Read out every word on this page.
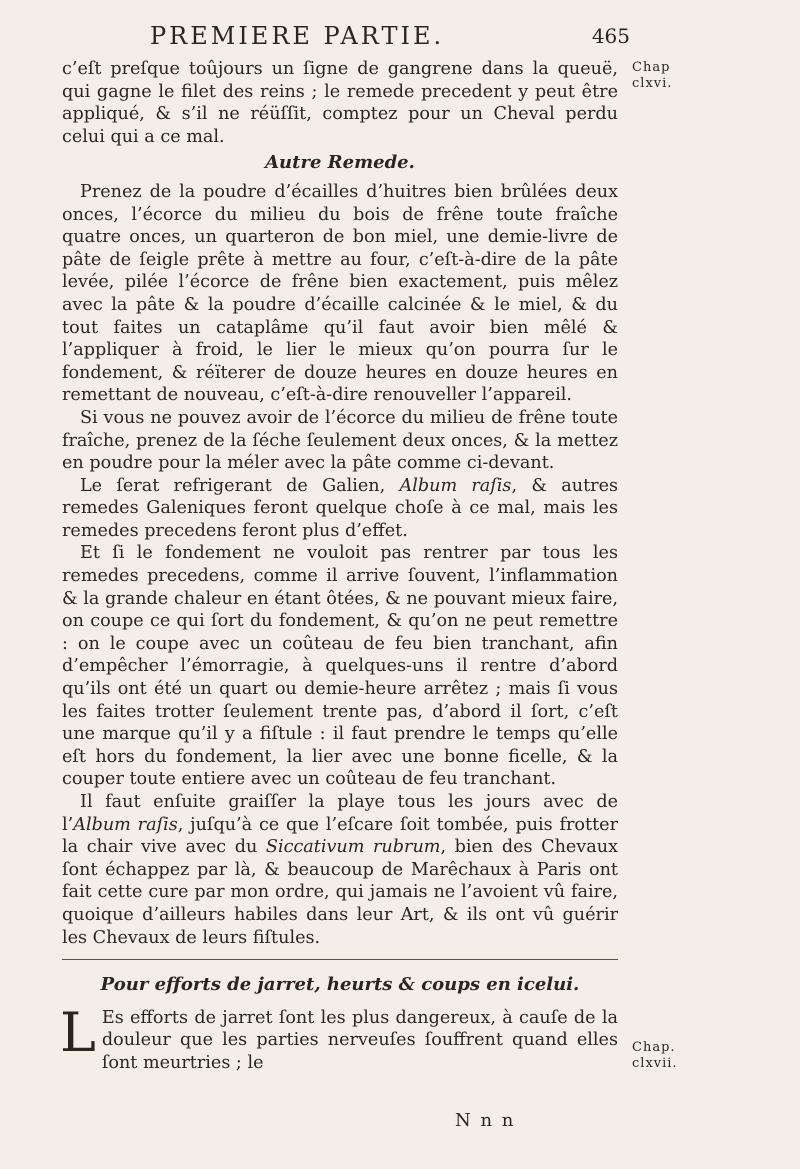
PREMIERE PARTIE.	465
Chap
clxvi.

c’eſt preſque toûjours un ſigne de gangrene dans la queuë, qui gagne le filet des reins ; le remede precedent y peut être appliqué, & s’il ne réüſſit, comptez pour un Cheval perdu celui qui a ce mal.

Autre Remede.

Prenez de la poudre d’écailles d’huitres bien brûlées deux onces, l’écorce du milieu du bois de frêne toute fraîche quatre onces, un quarteron de bon miel, une demie-livre de pâte de ſeigle prête à mettre au four, c’eſt-à-dire de la pâte levée, pilée l’écorce de frêne bien exactement, puis mêlez avec la pâte & la poudre d’écaille calcinée & le miel, & du tout faites un cataplâme qu’il faut avoir bien mêlé & l’appliquer à froid, le lier le mieux qu’on pourra ſur le fondement, & réïterer de douze heures en douze heures en remettant de nouveau, c’eſt-à-dire renouveller l’appareil.

Si vous ne pouvez avoir de l’écorce du milieu de frêne toute fraîche, prenez de la ſéche ſeulement deux onces, & la mettez en poudre pour la méler avec la pâte comme ci-devant.

Le ſerat refrigerant de Galien, Album raſis, & autres remedes Galeniques feront quelque choſe à ce mal, mais les remedes precedens feront plus d’effet.

Et ſi le fondement ne vouloit pas rentrer par tous les remedes precedens, comme il arrive ſouvent, l’inflammation & la grande chaleur en étant ôtées, & ne pouvant mieux faire, on coupe ce qui ſort du fondement, & qu’on ne peut remettre : on le coupe avec un coûteau de feu bien tranchant, afin d’empêcher l’émorragie, à quelques-uns il rentre d’abord qu’ils ont été un quart ou demie-heure arrêtez ; mais ſi vous les faites trotter ſeulement trente pas, d’abord il ſort, c’eſt une marque qu’il y a fiſtule : il faut prendre le temps qu’elle eſt hors du fondement, la lier avec une bonne ficelle, & la couper toute entiere avec un coûteau de feu tranchant.

Il faut enſuite graiſſer la playe tous les jours avec de l’Album raſis, juſqu’à ce que l’eſcare ſoit tombée, puis frotter la chair vive avec du Siccativum rubrum, bien des Chevaux ſont échappez par là, & beaucoup de Marêchaux à Paris ont fait cette cure par mon ordre, qui jamais ne l’avoient vû faire, quoique d’ailleurs habiles dans leur Art, & ils ont vû guérir les Chevaux de leurs fiſtules.

Pour efforts de jarret, heurts & coups en icelui.

L Es efforts de jarret ſont les plus dangereux, à cauſe de la douleur que les parties nerveuſes ſouffrent quand elles ſont meurtries ; le

Chap.
clxvii.
N n n
